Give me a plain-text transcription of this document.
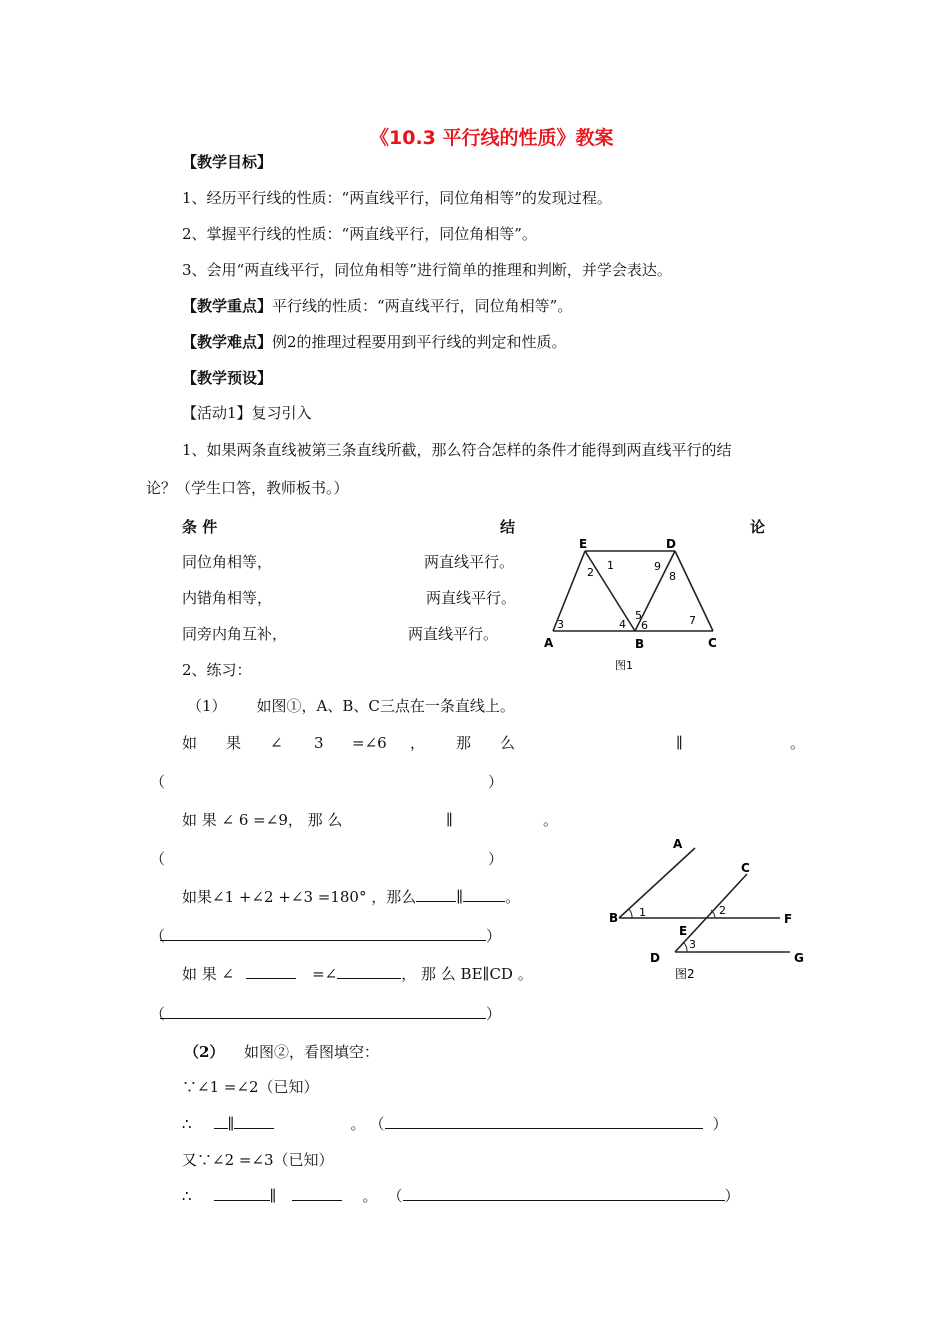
《10.3 平行线的性质》教案
【教学目标】
1、经历平行线的性质：“两直线平行，同位角相等”的发现过程。
2、掌握平行线的性质：“两直线平行，同位角相等”。
3、会用“两直线平行，同位角相等”进行简单的推理和判断，并学会表达。
【教学重点】平行线的性质：“两直线平行，同位角相等”。
【教学难点】例2的推理过程要用到平行线的判定和性质。
【教学预设】
【活动1】复习引入
1、如果两条直线被第三条直线所截，那么符合怎样的条件才能得到两直线平行的结
论？（学生口答，教师板书。）
条 件	结	论
同位角相等，	两直线平行。
内错角相等，	两直线平行。
同旁内角互补，	两直线平行。
E	D
A	B	C
1
2
3	4
5
6	7
8
9
图1
2、练习：
（1） 如图①，A、B、C三点在一条直线上。
如 果 ∠ 3 =∠6 ， 那 么	∥	。
（	）
如 果 ∠ 6 =∠9， 那 么	∥	。
（	）
如果∠1 +∠2 +∠3 =180° ，那么	∥	。
（	）
如 果 ∠	=∠	， 那 么 BE∥CD 。
（	）
A
C
B	F
E
D	G
1	2
3
图2
（2） 如图②，看图填空：
∵∠1 =∠2（已知）
∴ ∥	。 （	）
又∵∠2 =∠3（已知）
∴	∥	。 （	）
